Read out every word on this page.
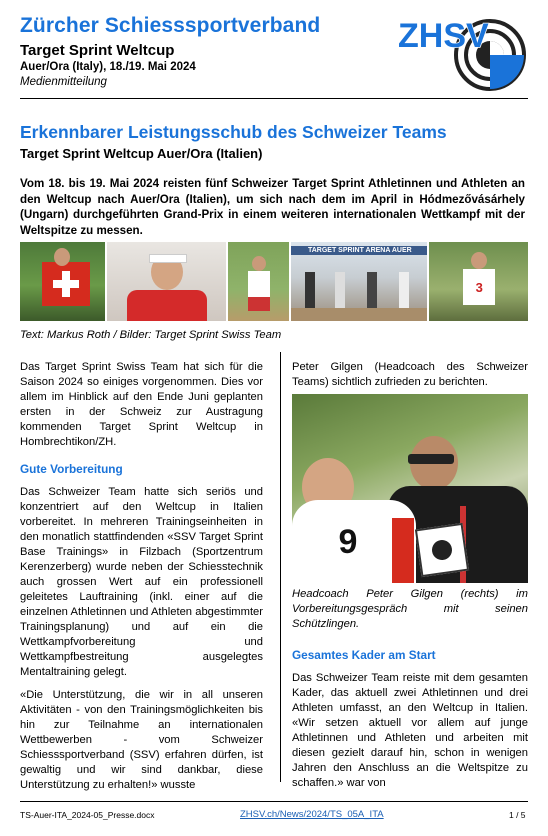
Zürcher Schiesssportverband
Target Sprint Weltcup
Auer/Ora (Italy), 18./19. Mai 2024
Medienmitteilung
ZHSV
Erkennbarer Leistungsschub des Schweizer Teams
Target Sprint Weltcup Auer/Ora (Italien)
Vom 18. bis 19. Mai 2024 reisten fünf Schweizer Target Sprint Athletinnen und Athleten an den Weltcup nach Auer/Ora (Italien), um sich nach dem im April in Hódmezővásárhely (Ungarn) durchgeführten Grand-Prix in einem weiteren internationalen Wettkampf mit der Weltspitze zu messen.
TARGET SPRINT ARENA AUER
3
Text: Markus Roth / Bilder: Target Sprint Swiss Team

Das Target Sprint Swiss Team hat sich für die Saison 2024 so einiges vorgenommen. Dies vor allem im Hinblick auf den Ende Juni geplanten ersten in der Schweiz zur Austragung kommenden Target Sprint Weltcup in Hombrechtikon/ZH.

Gute Vorbereitung

Das Schweizer Team hatte sich seriös und konzentriert auf den Weltcup in Italien vorbereitet. In mehreren Trainingseinheiten in den monatlich stattfindenden «SSV Target Sprint Base Trainings» in Filzbach (Sportzentrum Kerenzerberg) wurde neben der Schiesstechnik auch grossen Wert auf ein professionell geleitetes Lauftraining (inkl. einer auf die einzelnen Athletinnen und Athleten abgestimmter Trainingsplanung) und auf ein die Wettkampfvorbereitung und Wettkampfbestreitung ausgelegtes Mentaltraining gelegt.

«Die Unterstützung, die wir in all unseren Aktivitäten - von den Trainingsmöglichkeiten bis hin zur Teilnahme an internationalen Wettbewerben - vom Schweizer Schiesssportverband (SSV) erfahren dürfen, ist gewaltig und wir sind dankbar, diese Unterstützung zu erhalten!» wusste

Peter Gilgen (Headcoach des Schweizer Teams) sichtlich zufrieden zu berichten.

9
Headcoach Peter Gilgen (rechts) im Vorbereitungsgespräch mit seinen Schützlingen.
Gesamtes Kader am Start

Das Schweizer Team reiste mit dem gesamten Kader, das aktuell zwei Athletinnen und drei Athleten umfasst, an den Weltcup in Italien. «Wir setzen aktuell vor allem auf junge Athletinnen und Athleten und arbeiten mit diesen gezielt darauf hin, schon in wenigen Jahren den Anschluss an die Weltspitze zu schaffen.» war von

TS-Auer-ITA_2024-05_Presse.docx	ZHSV.ch/News/2024/TS_05A_ITA	1 / 5
